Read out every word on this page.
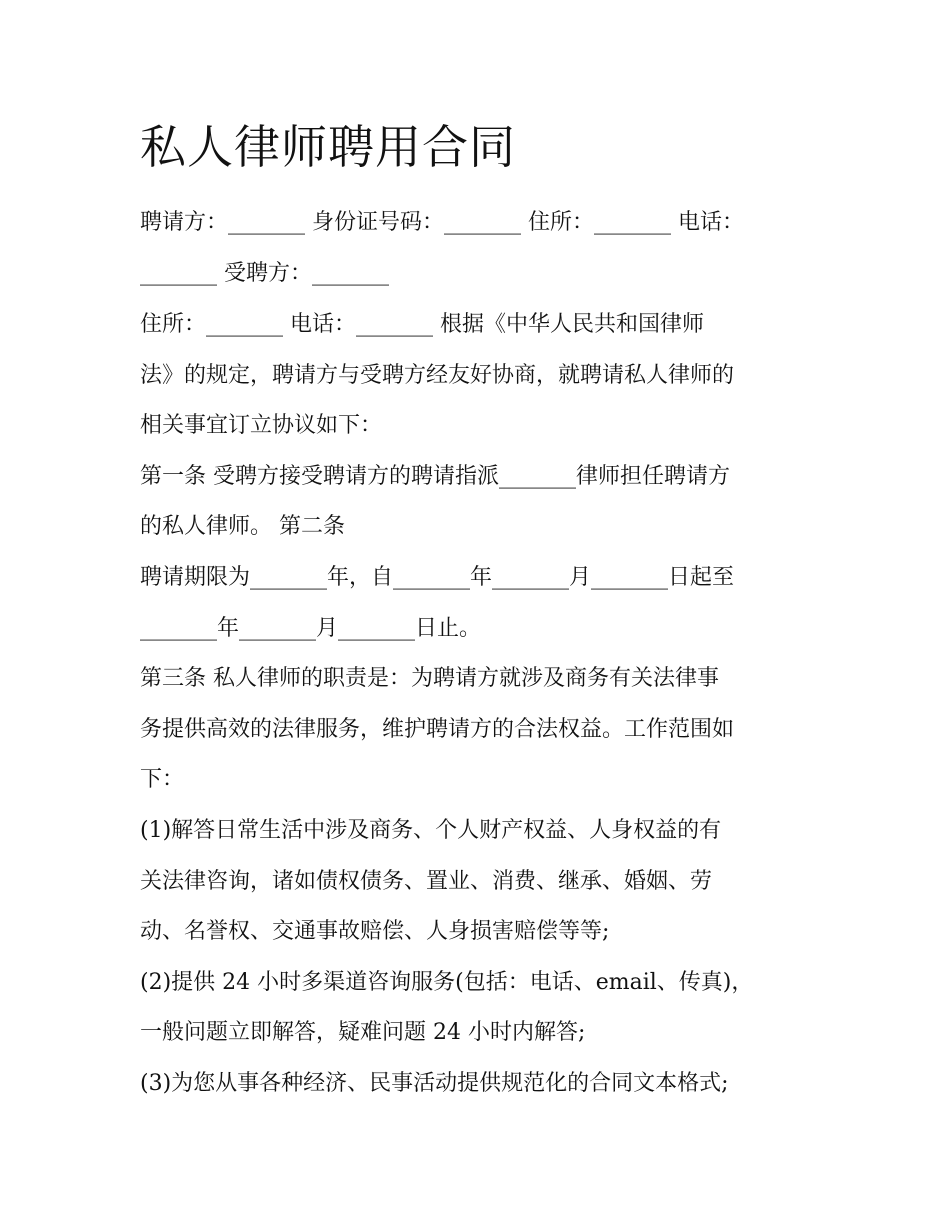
私人律师聘用合同

聘请方：_______ 身份证号码：_______ 住所：_______ 电话：

_______ 受聘方：_______

住所：_______ 电话：_______ 根据《中华人民共和国律师

法》的规定，聘请方与受聘方经友好协商，就聘请私人律师的

相关事宜订立协议如下：

第一条 受聘方接受聘请方的聘请指派_______律师担任聘请方

的私人律师。 第二条

聘请期限为_______年，自_______年_______月_______日起至

_______年_______月_______日止。

第三条 私人律师的职责是：为聘请方就涉及商务有关法律事

务提供高效的法律服务，维护聘请方的合法权益。工作范围如

下：

(1)解答日常生活中涉及商务、个人财产权益、人身权益的有

关法律咨询，诸如债权债务、置业、消费、继承、婚姻、劳

动、名誉权、交通事故赔偿、人身损害赔偿等等;

(2)提供 24 小时多渠道咨询服务(包括：电话、email、传真)，

一般问题立即解答，疑难问题 24 小时内解答;

(3)为您从事各种经济、民事活动提供规范化的合同文本格式;
